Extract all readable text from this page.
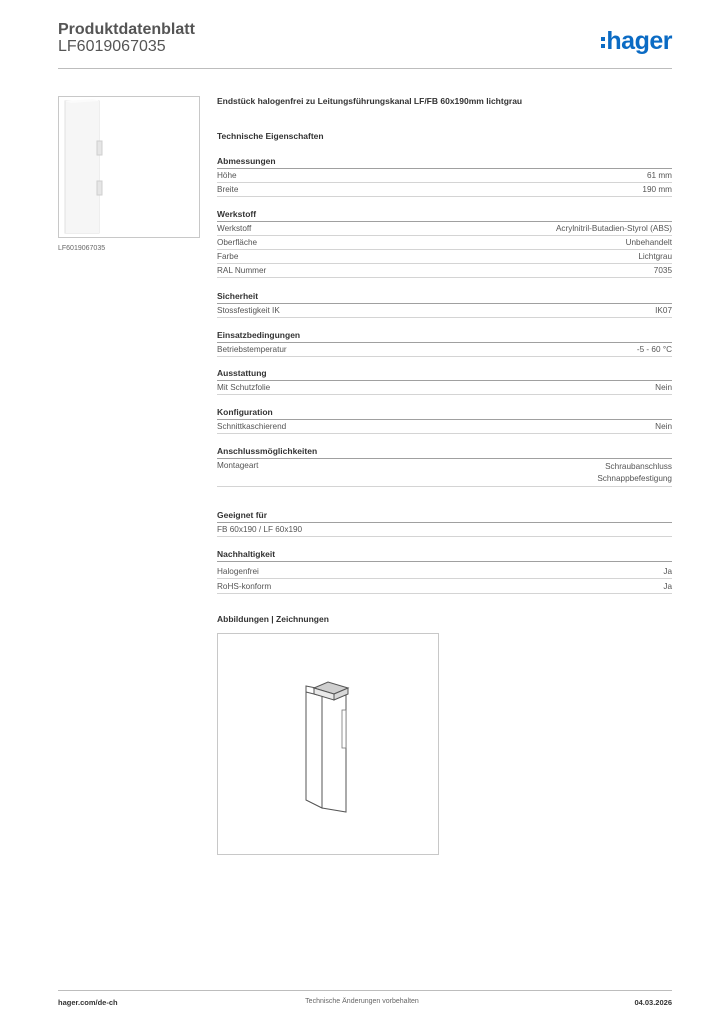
Produktdatenblatt
LF6019067035	hager
LF6019067035
Endstück halogenfrei zu Leitungsführungskanal LF/FB 60x190mm lichtgrau
Technische Eigenschaften
Abmessungen
Höhe	61 mm
Breite	190 mm
Werkstoff
Werkstoff	Acrylnitril-Butadien-Styrol (ABS)
Oberfläche	Unbehandelt
Farbe	Lichtgrau
RAL Nummer	7035
Sicherheit
Stossfestigkeit IK	IK07
Einsatzbedingungen
Betriebstemperatur	-5 - 60 °C
Ausstattung
Mit Schutzfolie	Nein
Konfiguration
Schnittkaschierend	Nein
Anschlussmöglichkeiten
Montageart	Schraubanschluss
Schnappbefestigung
Geeignet für
FB 60x190 / LF 60x190
Nachhaltigkeit
Halogenfrei	Ja
RoHS-konform	Ja
Abbildungen | Zeichnungen
hager.com/de-ch	Technische Änderungen vorbehalten	04.03.2026
